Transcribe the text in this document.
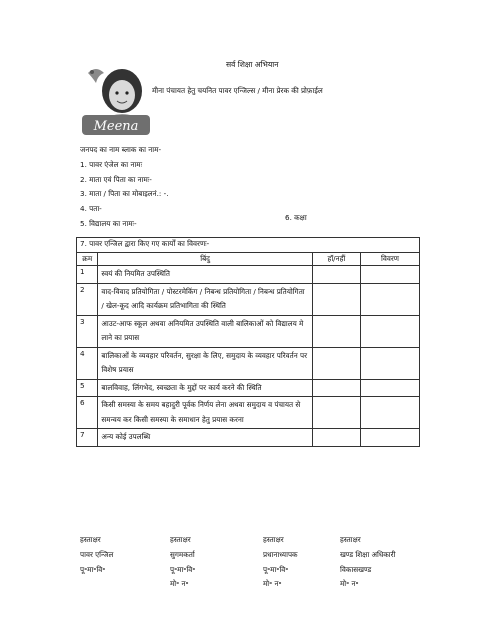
सर्व शिक्षा अभियान
Meena
मीना पंचायत हेतु चयनित पावर एन्जिल्स / मीना प्रेरक की प्रोफ़ाईल
जनपद का नाम ब्लाक का नाम-
1. पावर एंजेल का नामः
2. माता एवं पिता का नामः-
3. माता / पिता का मोबाइलनं.: -.
4. पता-
5. विद्यालय का नामः-
6. कक्षा
7. पावर एन्जिल द्वारा किए गए कार्यों का विवरणः-			
क्रम	बिंदु	हॉ/नहीं	विवरण
1	स्वयं की नियमित उपस्थिति		
2	वाद-विवाद प्रतियोगिता / पोस्टरमेकिंग / निबन्ध प्रतियोगिता / निबन्ध प्रतियोगिता / खेल-कूद आदि कार्यक्रम प्रतिभागिता की स्थिति		
3	आउट-आफ स्कूल अथवा अनियमित उपस्थिति वाली बालिकाओं को विद्यालय मे लाने का प्रयास		
4	बालिकाओं के व्यवहार परिवर्तन, सुरक्षा के लिए, समुदाय के व्यवहार परिवर्तन पर विशेष प्रयास		
5	बालविवाह, लिंगभेद, स्वच्छता के मुद्दों पर कार्य करने की स्थिति		
6	किसी समस्या के समय बहादुरी पूर्वक निर्णय लेना अथवा समुदाय व पंचायत से समन्वय कर किसी समस्या के समाधान हेतु प्रयास करना		
7	अन्य कोई उपलब्धि		
हस्ताक्षर
पावर एन्जिल
पू॰मा॰वि॰
हस्ताक्षर
सुगमकर्ता
पू॰मा॰वि॰
मो॰ न॰
हस्ताक्षर
प्रधानाध्यापक
पू॰मा॰वि॰
मो॰ न॰
हस्ताक्षर
खण्ड शिक्षा अधिकारी
विकासखण्ड
मो॰ न॰
